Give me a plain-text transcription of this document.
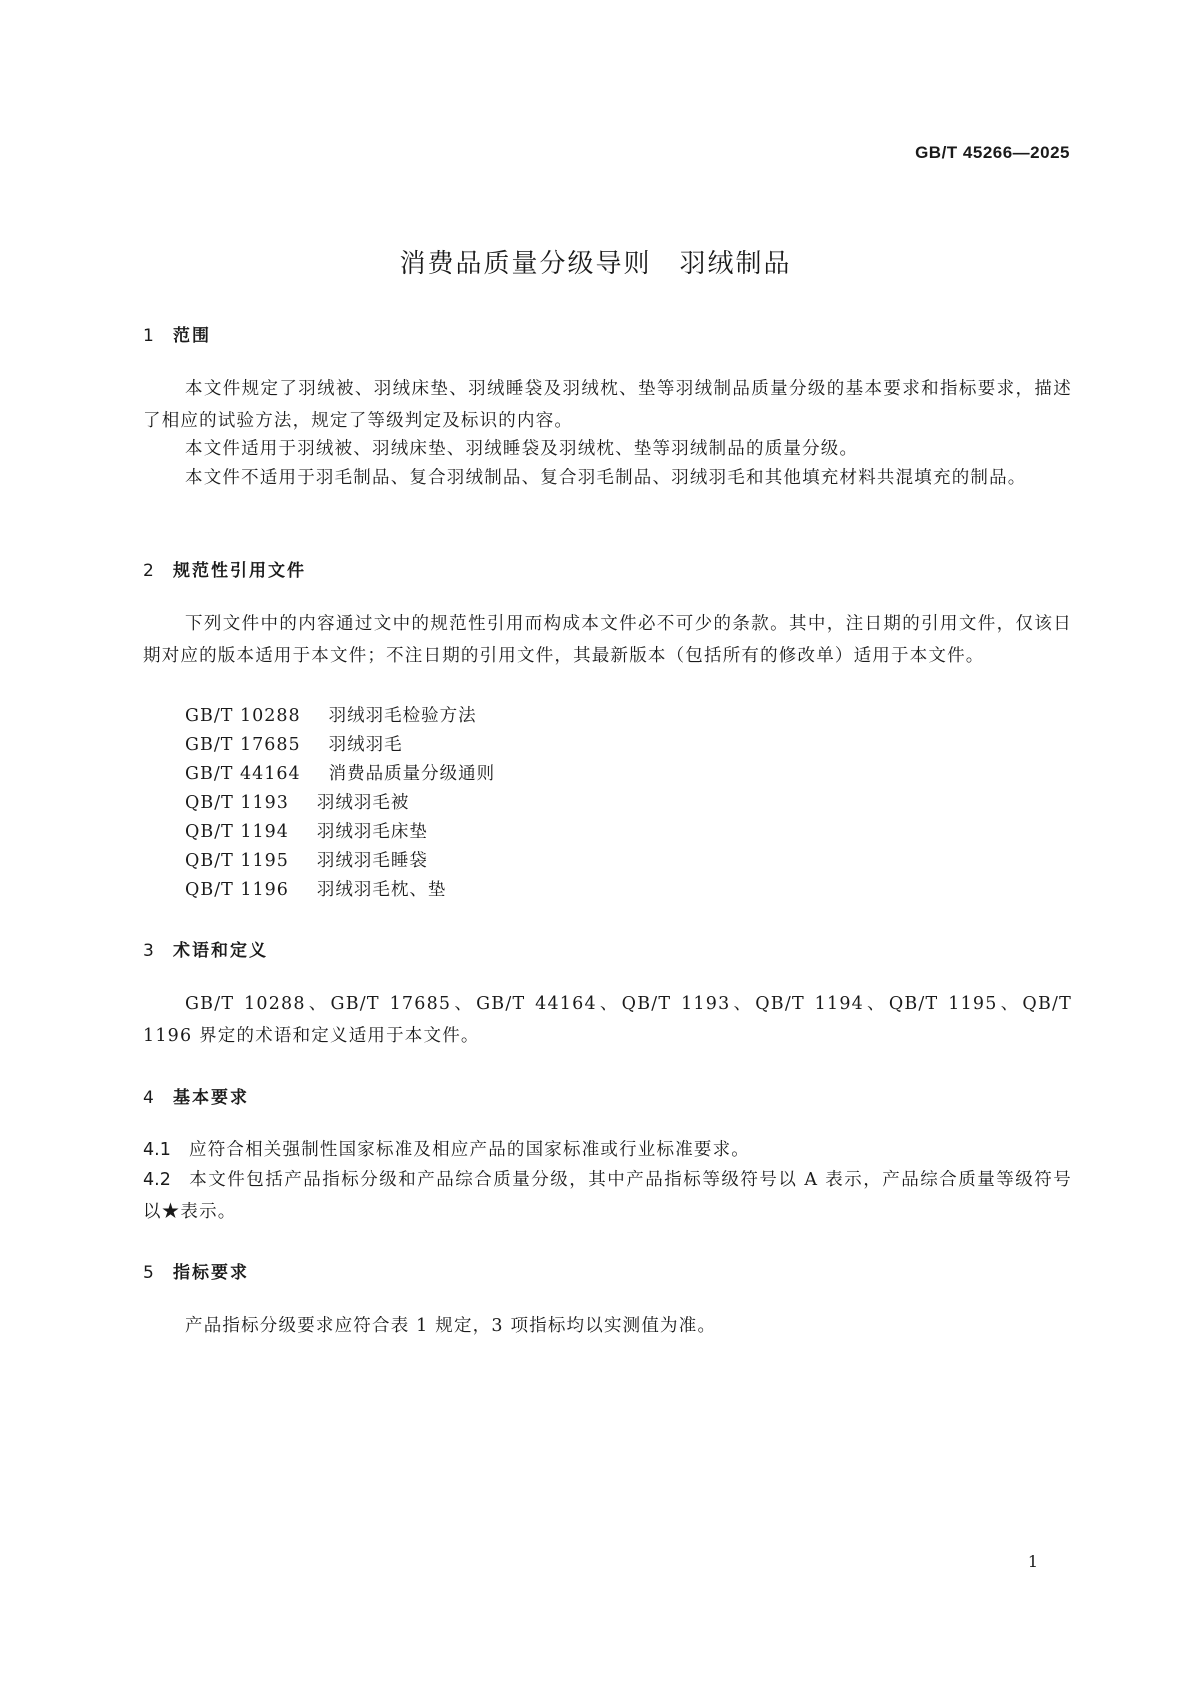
GB/T 45266—2025
消费品质量分级导则 羽绒制品
1 范围
本文件规定了羽绒被、羽绒床垫、羽绒睡袋及羽绒枕、垫等羽绒制品质量分级的基本要求和指标要求，描述了相应的试验方法，规定了等级判定及标识的内容。
本文件适用于羽绒被、羽绒床垫、羽绒睡袋及羽绒枕、垫等羽绒制品的质量分级。
本文件不适用于羽毛制品、复合羽绒制品、复合羽毛制品、羽绒羽毛和其他填充材料共混填充的制品。
2 规范性引用文件
下列文件中的内容通过文中的规范性引用而构成本文件必不可少的条款。其中，注日期的引用文件，仅该日期对应的版本适用于本文件；不注日期的引用文件，其最新版本（包括所有的修改单）适用于本文件。
GB/T 10288 羽绒羽毛检验方法
GB/T 17685 羽绒羽毛
GB/T 44164 消费品质量分级通则
QB/T 1193 羽绒羽毛被
QB/T 1194 羽绒羽毛床垫
QB/T 1195 羽绒羽毛睡袋
QB/T 1196 羽绒羽毛枕、垫
3 术语和定义
GB/T 10288、GB/T 17685、GB/T 44164、QB/T 1193、QB/T 1194、QB/T 1195、QB/T 1196 界定的术语和定义适用于本文件。
4 基本要求
4.1 应符合相关强制性国家标准及相应产品的国家标准或行业标准要求。
4.2 本文件包括产品指标分级和产品综合质量分级，其中产品指标等级符号以 A 表示，产品综合质量等级符号以★表示。
5 指标要求
产品指标分级要求应符合表 1 规定，3 项指标均以实测值为准。
1
